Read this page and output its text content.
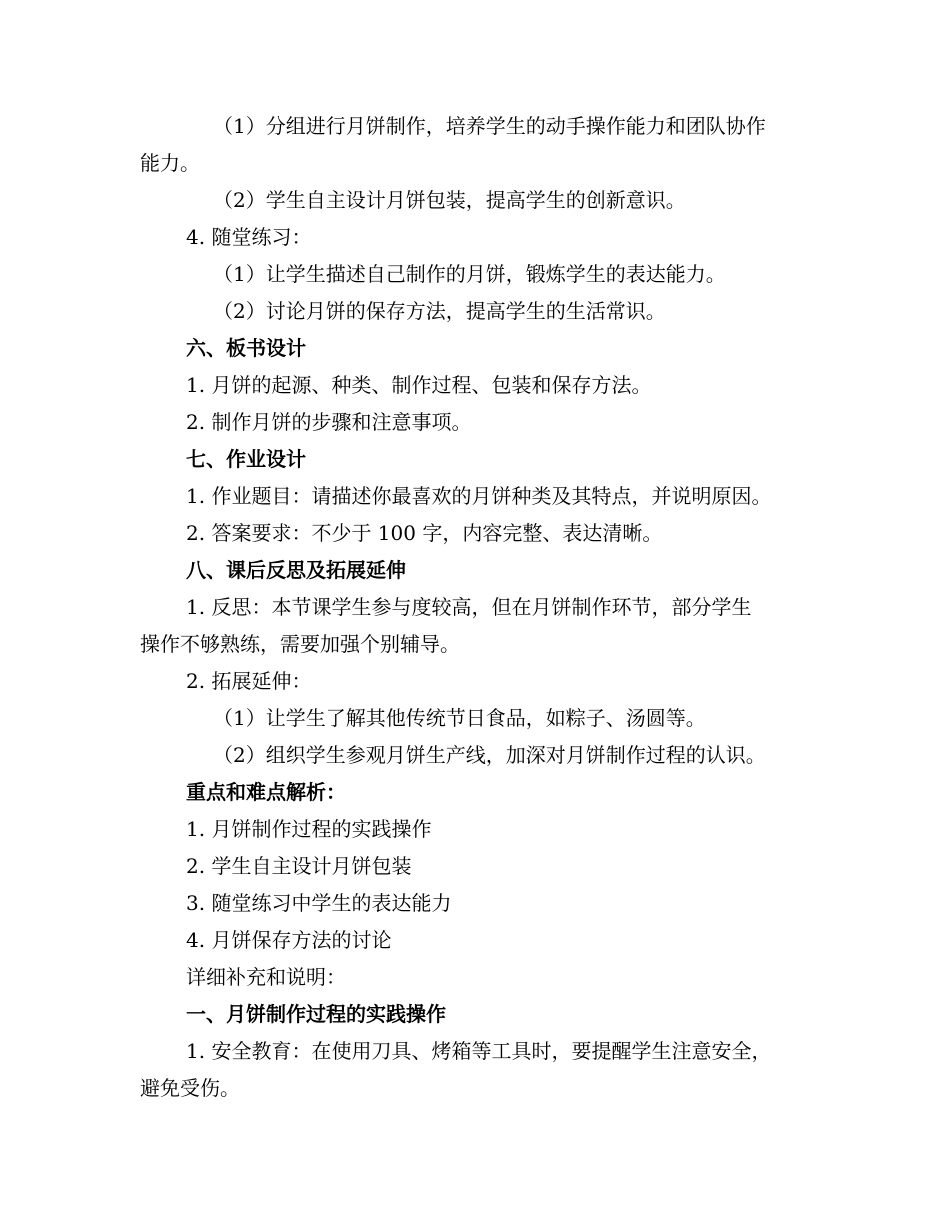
（1）分组进行月饼制作，培养学生的动手操作能力和团队协作
能力。
（2）学生自主设计月饼包装，提高学生的创新意识。
4. 随堂练习：
（1）让学生描述自己制作的月饼，锻炼学生的表达能力。
（2）讨论月饼的保存方法，提高学生的生活常识。
六、板书设计
1. 月饼的起源、种类、制作过程、包装和保存方法。
2. 制作月饼的步骤和注意事项。
七、作业设计
1. 作业题目：请描述你最喜欢的月饼种类及其特点，并说明原因。
2. 答案要求：不少于 100 字，内容完整、表达清晰。
八、课后反思及拓展延伸
1. 反思：本节课学生参与度较高，但在月饼制作环节，部分学生
操作不够熟练，需要加强个别辅导。
2. 拓展延伸：
（1）让学生了解其他传统节日食品，如粽子、汤圆等。
（2）组织学生参观月饼生产线，加深对月饼制作过程的认识。
重点和难点解析：
1. 月饼制作过程的实践操作
2. 学生自主设计月饼包装
3. 随堂练习中学生的表达能力
4. 月饼保存方法的讨论
详细补充和说明：
一、月饼制作过程的实践操作
1. 安全教育：在使用刀具、烤箱等工具时，要提醒学生注意安全，
避免受伤。
